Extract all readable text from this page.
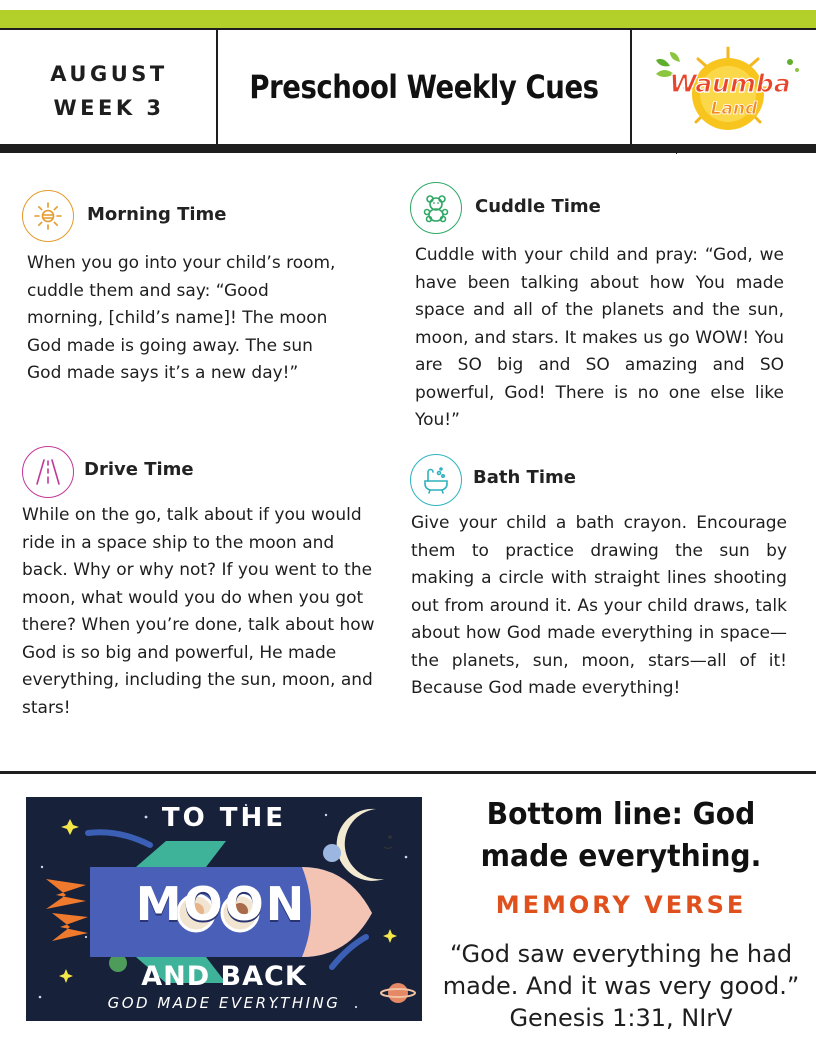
AUGUST
WEEK 3
Preschool Weekly Cues	Waumba
Land
Morning Time
When you go into your child’s room,
cuddle them and say: “Good
morning, [child’s name]! The moon
God made is going away. The sun
God made says it’s a new day!”
Cuddle Time
Cuddle with your child and pray: “God, we have been talking about how You made space and all of the planets and the sun, moon, and stars. It makes us go WOW! You are SO big and SO amazing and SO powerful, God! There is no one else like You!”
Drive Time
While on the go, talk about if you would
ride in a space ship to the moon and
back. Why or why not? If you went to the
moon, what would you do when you got
there? When you’re done, talk about how
God is so big and powerful, He made
everything, including the sun, moon, and
stars!
Bath Time
Give your child a bath crayon. Encourage them to practice drawing the sun by making a circle with straight lines shooting out from around it. As your child draws, talk about how God made everything in space—the planets, sun, moon, stars—all of it! Because God made everything!
TO THE
MOON
AND BACK
GOD MADE EVERYTHING
Bottom line: God
made everything.
MEMORY VERSE
“God saw everything he had
made. And it was very good.”
Genesis 1:31, NIrV
